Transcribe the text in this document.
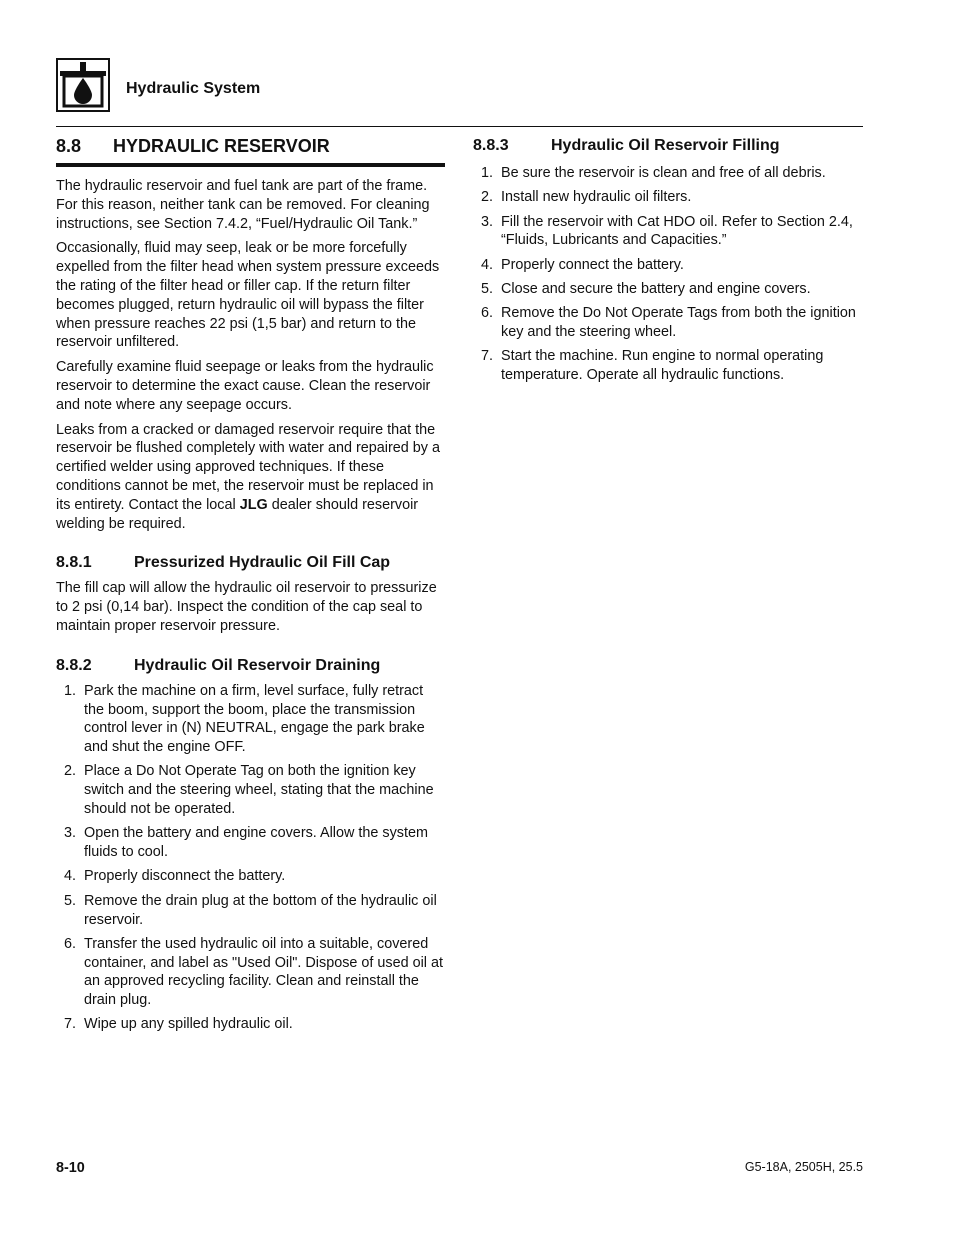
Hydraulic System
8.8	HYDRAULIC RESERVOIR

The hydraulic reservoir and fuel tank are part of the frame. For this reason, neither tank can be removed. For cleaning instructions, see Section 7.4.2, “Fuel/Hydraulic Oil Tank.”

Occasionally, fluid may seep, leak or be more forcefully expelled from the filter head when system pressure exceeds the rating of the filter head or filler cap. If the return filter becomes plugged, return hydraulic oil will bypass the filter when pressure reaches 22 psi (1,5 bar) and return to the reservoir unfiltered.

Carefully examine fluid seepage or leaks from the hydraulic reservoir to determine the exact cause. Clean the reservoir and note where any seepage occurs.

Leaks from a cracked or damaged reservoir require that the reservoir be flushed completely with water and repaired by a certified welder using approved techniques. If these conditions cannot be met, the reservoir must be replaced in its entirety. Contact the local JLG dealer should reservoir welding be required.

8.8.1	Pressurized Hydraulic Oil Fill Cap

The fill cap will allow the hydraulic oil reservoir to pressurize to 2 psi (0,14 bar). Inspect the condition of the cap seal to maintain proper reservoir pressure.

8.8.2	Hydraulic Oil Reservoir Draining
1. Park the machine on a firm, level surface, fully retract the boom, support the boom, place the transmission control lever in (N) NEUTRAL, engage the park brake and shut the engine OFF.
2. Place a Do Not Operate Tag on both the ignition key switch and the steering wheel, stating that the machine should not be operated.
3. Open the battery and engine covers. Allow the system fluids to cool.
4. Properly disconnect the battery.
5. Remove the drain plug at the bottom of the hydraulic oil reservoir.
6. Transfer the used hydraulic oil into a suitable, covered container, and label as "Used Oil". Dispose of used oil at an approved recycling facility. Clean and reinstall the drain plug.
7. Wipe up any spilled hydraulic oil.
8.8.3	Hydraulic Oil Reservoir Filling
1. Be sure the reservoir is clean and free of all debris.
2. Install new hydraulic oil filters.
3. Fill the reservoir with Cat HDO oil. Refer to Section 2.4, “Fluids, Lubricants and Capacities.”
4. Properly connect the battery.
5. Close and secure the battery and engine covers.
6. Remove the Do Not Operate Tags from both the ignition key and the steering wheel.
7. Start the machine. Run engine to normal operating temperature. Operate all hydraulic functions.
8-10	G5-18A, 2505H, 25.5
